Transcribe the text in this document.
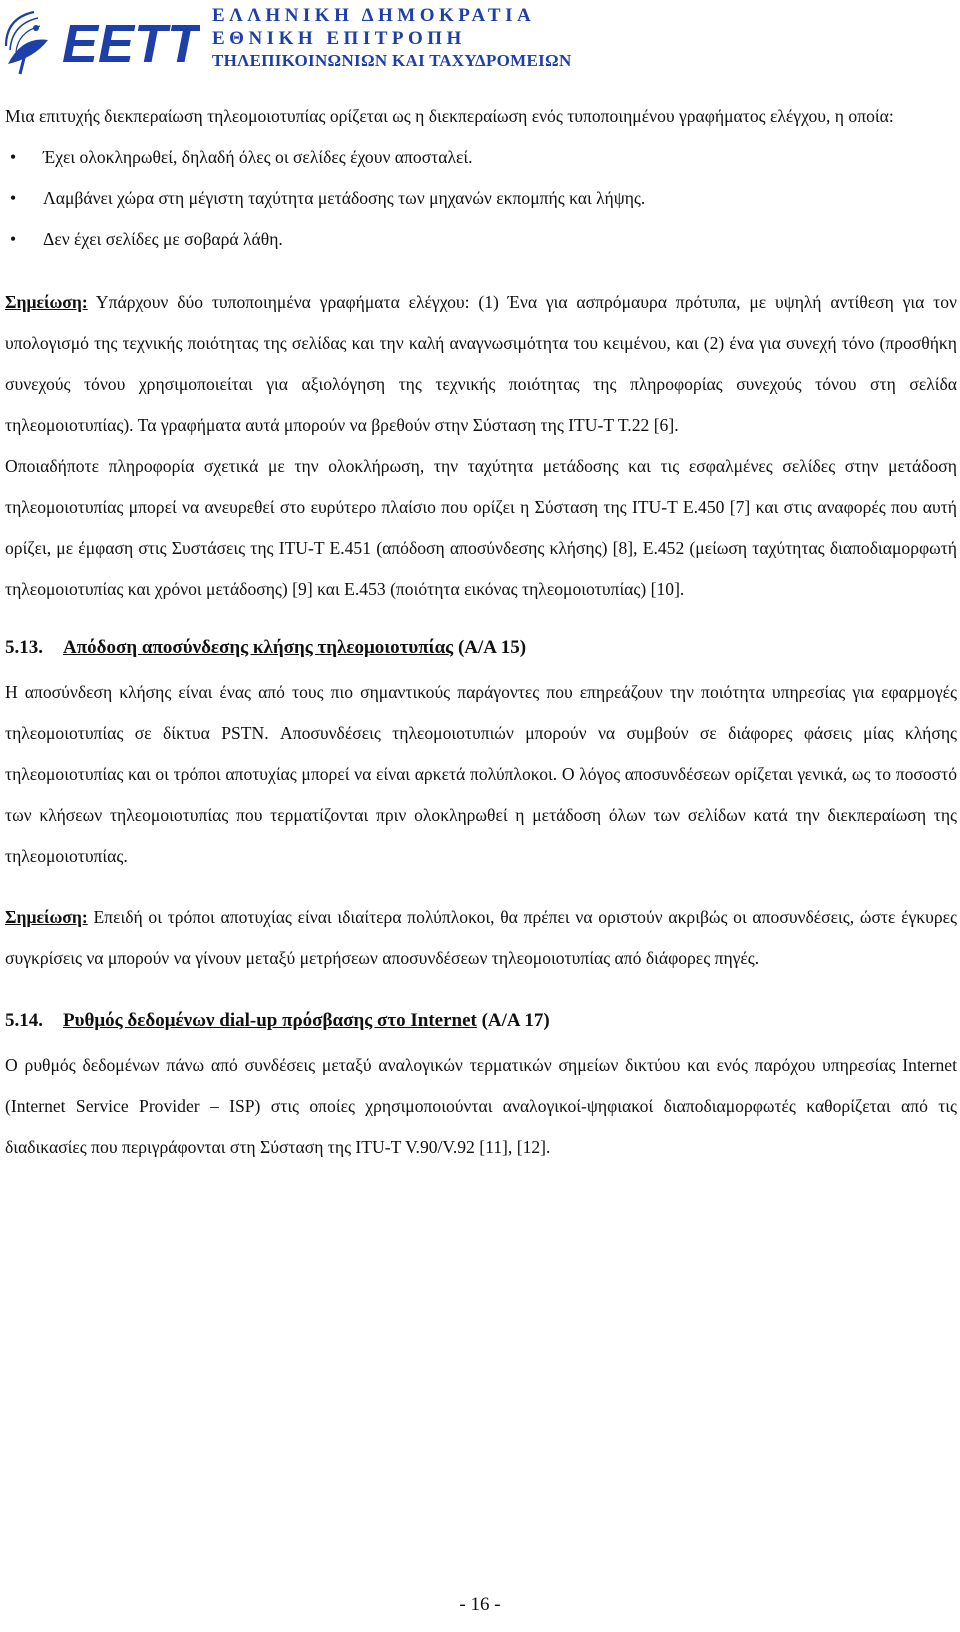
ΕΕΤΤ ΕΛΛΗΝΙΚΗ ΔΗΜΟΚΡΑΤΙΑ
ΕΘΝΙΚΗ ΕΠΙΤΡΟΠΗ
ΤΗΛΕΠΙΚΟΙΝΩΝΙΩΝ ΚΑΙ ΤΑΧΥΔΡΟΜΕΙΩΝ

Μια επιτυχής διεκπεραίωση τηλεομοιοτυπίας ορίζεται ως η διεκπεραίωση ενός τυποποιημένου γραφήματος ελέγχου, η οποία:

• Έχει ολοκληρωθεί, δηλαδή όλες οι σελίδες έχουν αποσταλεί.
• Λαμβάνει χώρα στη μέγιστη ταχύτητα μετάδοσης των μηχανών εκπομπής και λήψης.
• Δεν έχει σελίδες με σοβαρά λάθη.

Σημείωση: Υπάρχουν δύο τυποποιημένα γραφήματα ελέγχου: (1) Ένα για ασπρόμαυρα πρότυπα, με υψηλή αντίθεση για τον υπολογισμό της τεχνικής ποιότητας της σελίδας και την καλή αναγνωσιμότητα του κειμένου, και (2) ένα για συνεχή τόνο (προσθήκη συνεχούς τόνου χρησιμοποιείται για αξιολόγηση της τεχνικής ποιότητας της πληροφορίας συνεχούς τόνου στη σελίδα τηλεομοιοτυπίας). Τα γραφήματα αυτά μπορούν να βρεθούν στην Σύσταση της ITU-T T.22 [6].

Οποιαδήποτε πληροφορία σχετικά με την ολοκλήρωση, την ταχύτητα μετάδοσης και τις εσφαλμένες σελίδες στην μετάδοση τηλεομοιοτυπίας μπορεί να ανευρεθεί στο ευρύτερο πλαίσιο που ορίζει η Σύσταση της ITU-T E.450 [7] και στις αναφορές που αυτή ορίζει, με έμφαση στις Συστάσεις της ITU-T E.451 (απόδοση αποσύνδεσης κλήσης) [8], E.452 (μείωση ταχύτητας διαποδιαμορφωτή τηλεομοιοτυπίας και χρόνοι μετάδοσης) [9] και E.453 (ποιότητα εικόνας τηλεομοιοτυπίας) [10].

5.13. Απόδοση αποσύνδεσης κλήσης τηλεομοιοτυπίας (Α/Α 15)

Η αποσύνδεση κλήσης είναι ένας από τους πιο σημαντικούς παράγοντες που επηρεάζουν την ποιότητα υπηρεσίας για εφαρμογές τηλεομοιοτυπίας σε δίκτυα PSTN. Αποσυνδέσεις τηλεομοιοτυπιών μπορούν να συμβούν σε διάφορες φάσεις μίας κλήσης τηλεομοιοτυπίας και οι τρόποι αποτυχίας μπορεί να είναι αρκετά πολύπλοκοι. Ο λόγος αποσυνδέσεων ορίζεται γενικά, ως το ποσοστό των κλήσεων τηλεομοιοτυπίας που τερματίζονται πριν ολοκληρωθεί η μετάδοση όλων των σελίδων κατά την διεκπεραίωση της τηλεομοιοτυπίας.

Σημείωση: Επειδή οι τρόποι αποτυχίας είναι ιδιαίτερα πολύπλοκοι, θα πρέπει να οριστούν ακριβώς οι αποσυνδέσεις, ώστε έγκυρες συγκρίσεις να μπορούν να γίνουν μεταξύ μετρήσεων αποσυνδέσεων τηλεομοιοτυπίας από διάφορες πηγές.

5.14. Ρυθμός δεδομένων dial-up πρόσβασης στο Internet (Α/Α 17)

Ο ρυθμός δεδομένων πάνω από συνδέσεις μεταξύ αναλογικών τερματικών σημείων δικτύου και ενός παρόχου υπηρεσίας Internet (Internet Service Provider – ISP) στις οποίες χρησιμοποιούνται αναλογικοί-ψηφιακοί διαποδιαμορφωτές καθορίζεται από τις διαδικασίες που περιγράφονται στη Σύσταση της ITU-T V.90/V.92 [11], [12].

- 16 -
